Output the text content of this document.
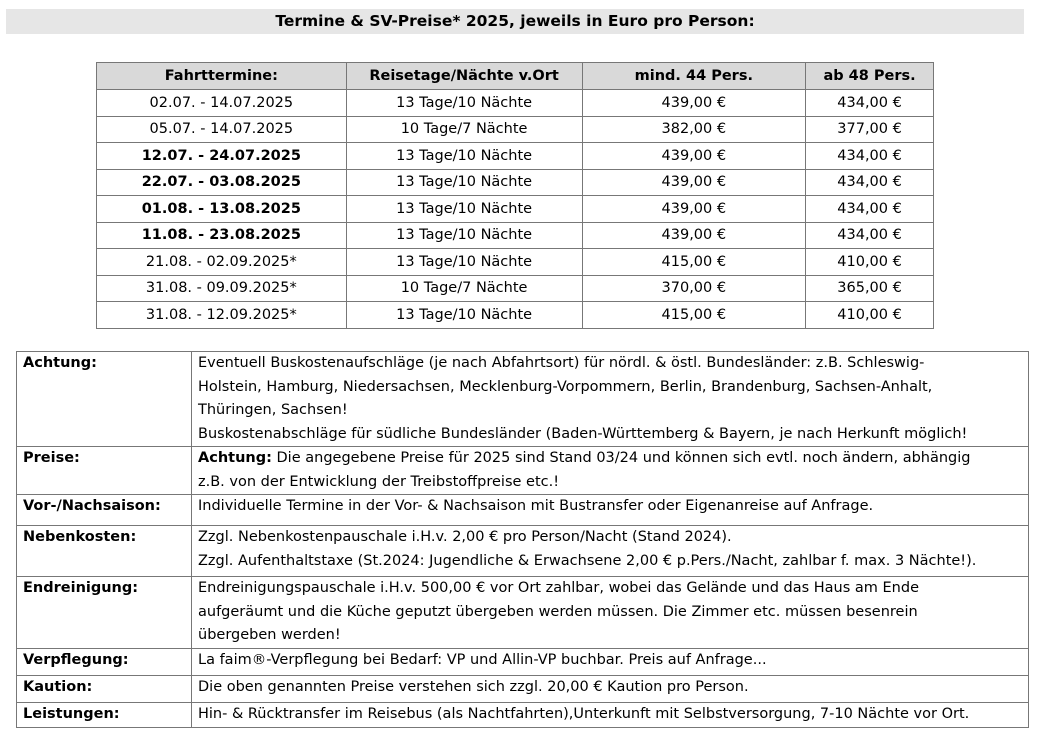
Termine & SV-Preise* 2025, jeweils in Euro pro Person:
Fahrttermine:	Reisetage/Nächte v.Ort	mind. 44 Pers.	ab 48 Pers.
02.07. - 14.07.2025	13 Tage/10 Nächte	439,00 €	434,00 €
05.07. - 14.07.2025	10 Tage/7 Nächte	382,00 €	377,00 €
12.07. - 24.07.2025	13 Tage/10 Nächte	439,00 €	434,00 €
22.07. - 03.08.2025	13 Tage/10 Nächte	439,00 €	434,00 €
01.08. - 13.08.2025	13 Tage/10 Nächte	439,00 €	434,00 €
11.08. - 23.08.2025	13 Tage/10 Nächte	439,00 €	434,00 €
21.08. - 02.09.2025*	13 Tage/10 Nächte	415,00 €	410,00 €
31.08. - 09.09.2025*	10 Tage/7 Nächte	370,00 €	365,00 €
31.08. - 12.09.2025*	13 Tage/10 Nächte	415,00 €	410,00 €
Achtung:	Eventuell Buskostenaufschläge (je nach Abfahrtsort) für nördl. & östl. Bundesländer: z.B. Schleswig-
Holstein, Hamburg, Niedersachsen, Mecklenburg-Vorpommern, Berlin, Brandenburg, Sachsen-Anhalt,
Thüringen, Sachsen!
Buskostenabschläge für südliche Bundesländer (Baden-Württemberg & Bayern, je nach Herkunft möglich!

Preise:	Achtung: Die angegebene Preise für 2025 sind Stand 03/24 und können sich evtl. noch ändern, abhängig
z.B. von der Entwicklung der Treibstoffpreise etc.!

Vor-/Nachsaison:	Individuelle Termine in der Vor- & Nachsaison mit Bustransfer oder Eigenanreise auf Anfrage.
Nebenkosten:	Zzgl. Nebenkostenpauschale i.H.v. 2,00 € pro Person/Nacht (Stand 2024).
Zzgl. Aufenthaltstaxe (St.2024: Jugendliche & Erwachsene 2,00 € p.Pers./Nacht, zahlbar f. max. 3 Nächte!).

Endreinigung:	Endreinigungspauschale i.H.v. 500,00 € vor Ort zahlbar, wobei das Gelände und das Haus am Ende
aufgeräumt und die Küche geputzt übergeben werden müssen. Die Zimmer etc. müssen besenrein
übergeben werden!

Verpflegung:	La faim®-Verpflegung bei Bedarf: VP und Allin-VP buchbar. Preis auf Anfrage...
Kaution:	Die oben genannten Preise verstehen sich zzgl. 20,00 € Kaution pro Person.
Leistungen:	Hin- & Rücktransfer im Reisebus (als Nachtfahrten),Unterkunft mit Selbstversorgung, 7-10 Nächte vor Ort.
